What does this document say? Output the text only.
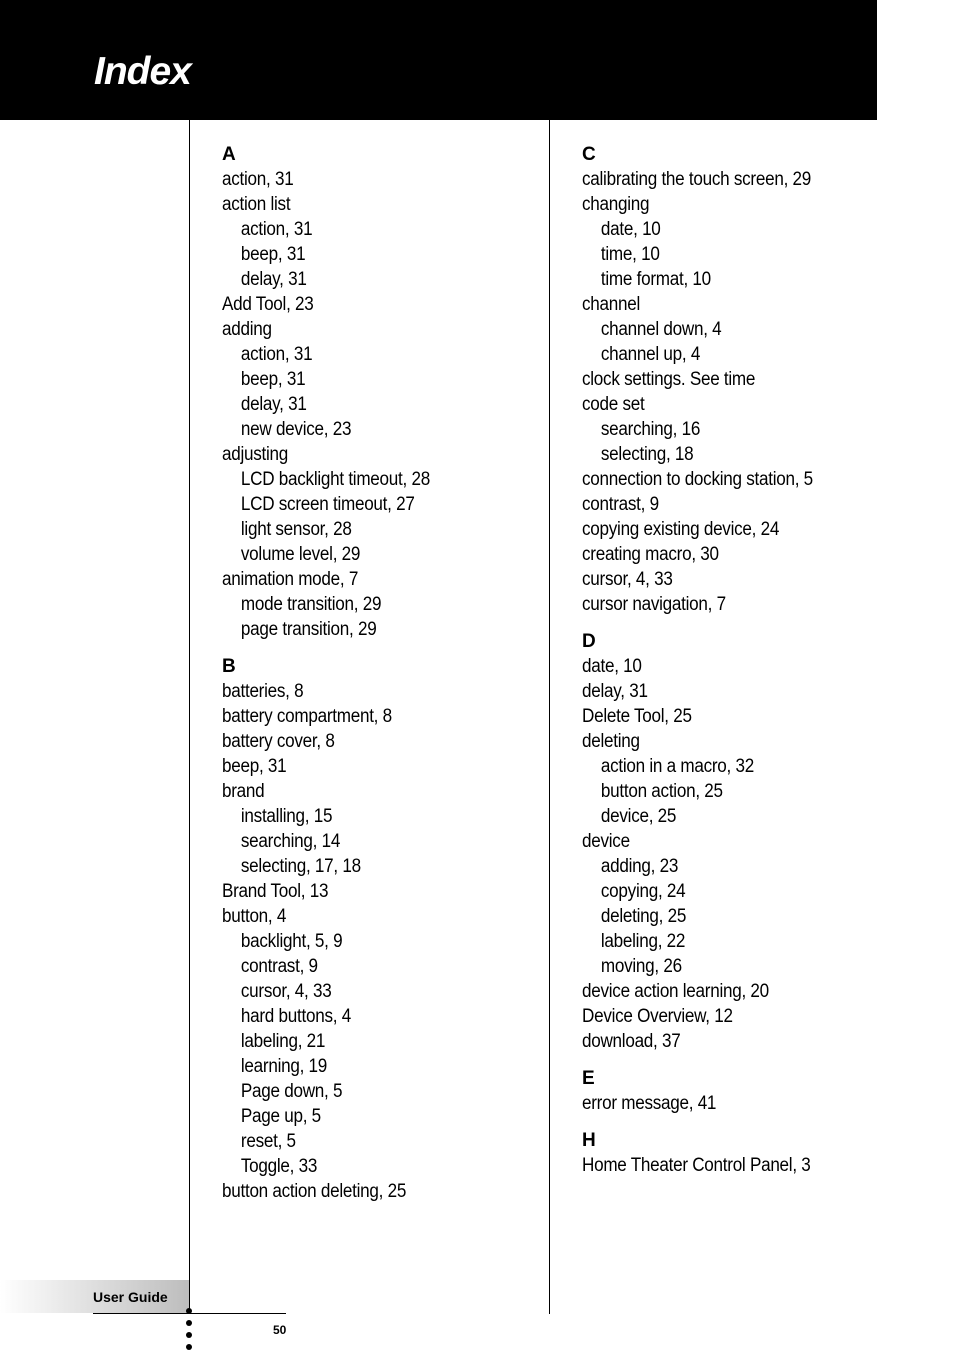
Index
A
action, 31
action list
action, 31
beep, 31
delay, 31
Add Tool, 23
adding
action, 31
beep, 31
delay, 31
new device, 23
adjusting
LCD backlight timeout, 28
LCD screen timeout, 27
light sensor, 28
volume level, 29
animation mode, 7
mode transition, 29
page transition, 29
B
batteries, 8
battery compartment, 8
battery cover, 8
beep, 31
brand
installing, 15
searching, 14
selecting, 17, 18
Brand Tool, 13
button, 4
backlight, 5, 9
contrast, 9
cursor, 4, 33
hard buttons, 4
labeling, 21
learning, 19
Page down, 5
Page up, 5
reset, 5
Toggle, 33
button action deleting, 25
C
calibrating the touch screen, 29
changing
date, 10
time, 10
time format, 10
channel
channel down, 4
channel up, 4
clock settings. See time
code set
searching, 16
selecting, 18
connection to docking station, 5
contrast, 9
copying existing device, 24
creating macro, 30
cursor, 4, 33
cursor navigation, 7
D
date, 10
delay, 31
Delete Tool, 25
deleting
action in a macro, 32
button action, 25
device, 25
device
adding, 23
copying, 24
deleting, 25
labeling, 22
moving, 26
device action learning, 20
Device Overview, 12
download, 37
E
error message, 41
H
Home Theater Control Panel, 3
User Guide
50
